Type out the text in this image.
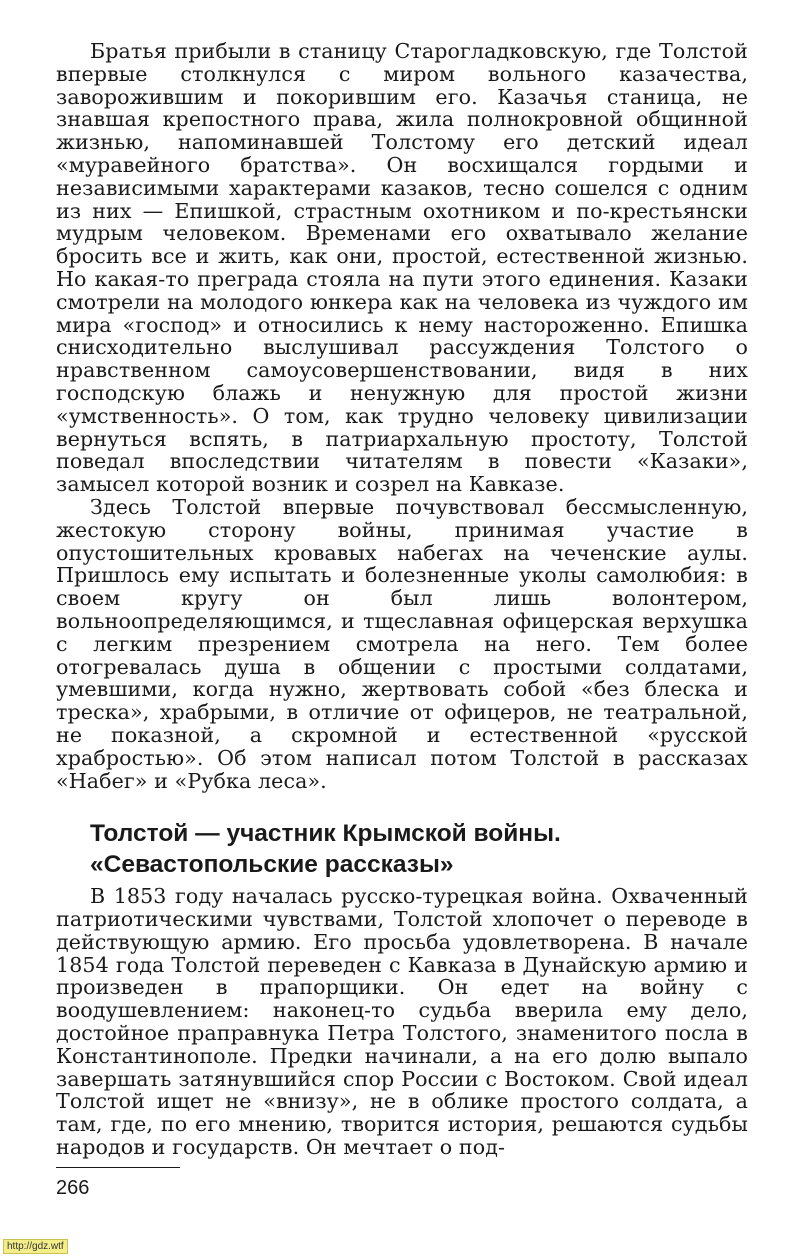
Братья прибыли в станицу Старогладковскую, где Толстой впервые столкнулся с миром вольного казачества, заворожившим и покорившим его. Казачья станица, не знавшая крепостного права, жила полнокровной общинной жизнью, напоминавшей Толстому его детский идеал «муравейного братства». Он восхищался гордыми и независимыми характерами казаков, тесно сошелся с одним из них — Епишкой, страстным охотником и по-крестьянски мудрым человеком. Временами его охватывало желание бросить все и жить, как они, простой, естественной жизнью. Но какая-то преграда стояла на пути этого единения. Казаки смотрели на молодого юнкера как на человека из чуждого им мира «господ» и относились к нему настороженно. Епишка снисходительно выслушивал рассуждения Толстого о нравственном самоусовершенствовании, видя в них господскую блажь и ненужную для простой жизни «умственность». О том, как трудно человеку цивилизации вернуться вспять, в патриархальную простоту, Толстой поведал впоследствии читателям в повести «Казаки», замысел которой возник и созрел на Кавказе.

Здесь Толстой впервые почувствовал бессмысленную, жестокую сторону войны, принимая участие в опустошительных кровавых набегах на чеченские аулы. Пришлось ему испытать и болезненные уколы самолюбия: в своем кругу он был лишь волонтером, вольноопределяющимся, и тщеславная офицерская верхушка с легким презрением смотрела на него. Тем более отогревалась душа в общении с простыми солдатами, умевшими, когда нужно, жертвовать собой «без блеска и треска», храбрыми, в отличие от офицеров, не театральной, не показной, а скромной и естественной «русской храбростью». Об этом написал потом Толстой в рассказах «Набег» и «Рубка леса».

Толстой — участник Крымской войны.
«Севастопольские рассказы»

В 1853 году началась русско-турецкая война. Охваченный патриотическими чувствами, Толстой хлопочет о переводе в действующую армию. Его просьба удовлетворена. В начале 1854 года Толстой переведен с Кавказа в Дунайскую армию и произведен в прапорщики. Он едет на войну с воодушевлением: наконец-то судьба вверила ему дело, достойное праправнука Петра Толстого, знаменитого посла в Константинополе. Предки начинали, а на его долю выпало завершать затянувшийся спор России с Востоком. Свой идеал Толстой ищет не «внизу», не в облике простого солдата, а там, где, по его мнению, творится история, решаются судьбы народов и государств. Он мечтает о под-

266
http://gdz.wtf
